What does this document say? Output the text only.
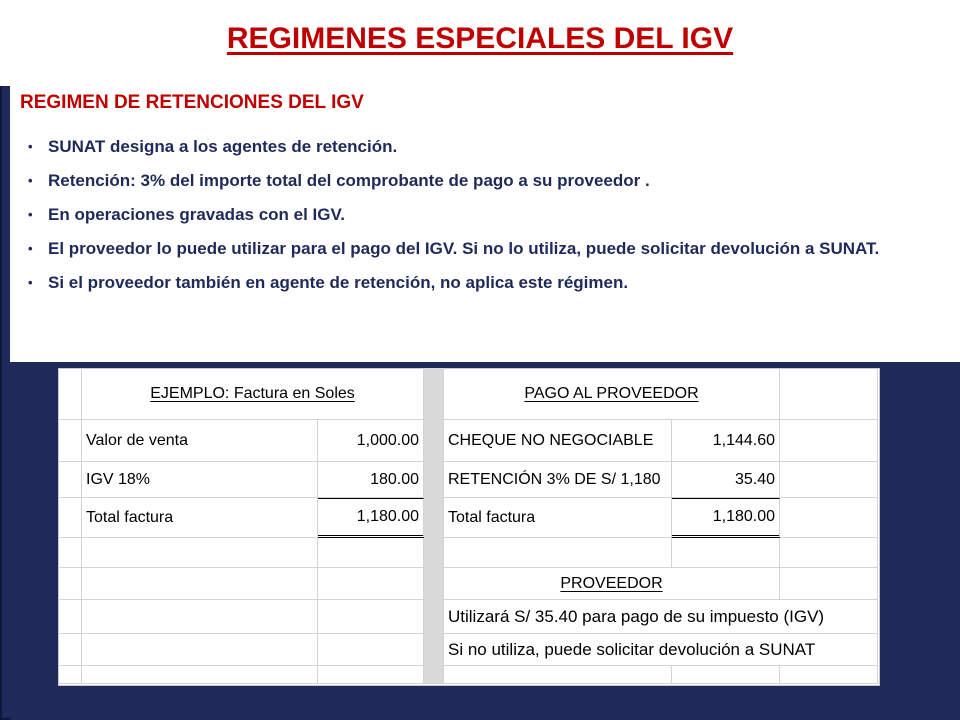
REGIMENES ESPECIALES DEL IGV
REGIMEN DE RETENCIONES DEL IGV
• SUNAT designa a los agentes de retención.
• Retención: 3% del importe total del comprobante de pago a su proveedor .
• En operaciones gravadas con el IGV.
• El proveedor lo puede utilizar para el pago del IGV. Si no lo utiliza, puede solicitar devolución a SUNAT.
• Si el proveedor también en agente de retención, no aplica este régimen.
EJEMPLO: Factura en Soles	PAGO AL PROVEEDOR
Valor de venta	1,000.00	CHEQUE NO NEGOCIABLE	1,144.60
IGV 18%	180.00	RETENCIÓN 3% DE S/ 1,180	35.40
Total factura	1,180.00	Total factura	1,180.00
PROVEEDOR
Utilizará S/ 35.40 para pago de su impuesto (IGV)
Si no utiliza, puede solicitar devolución a SUNAT
